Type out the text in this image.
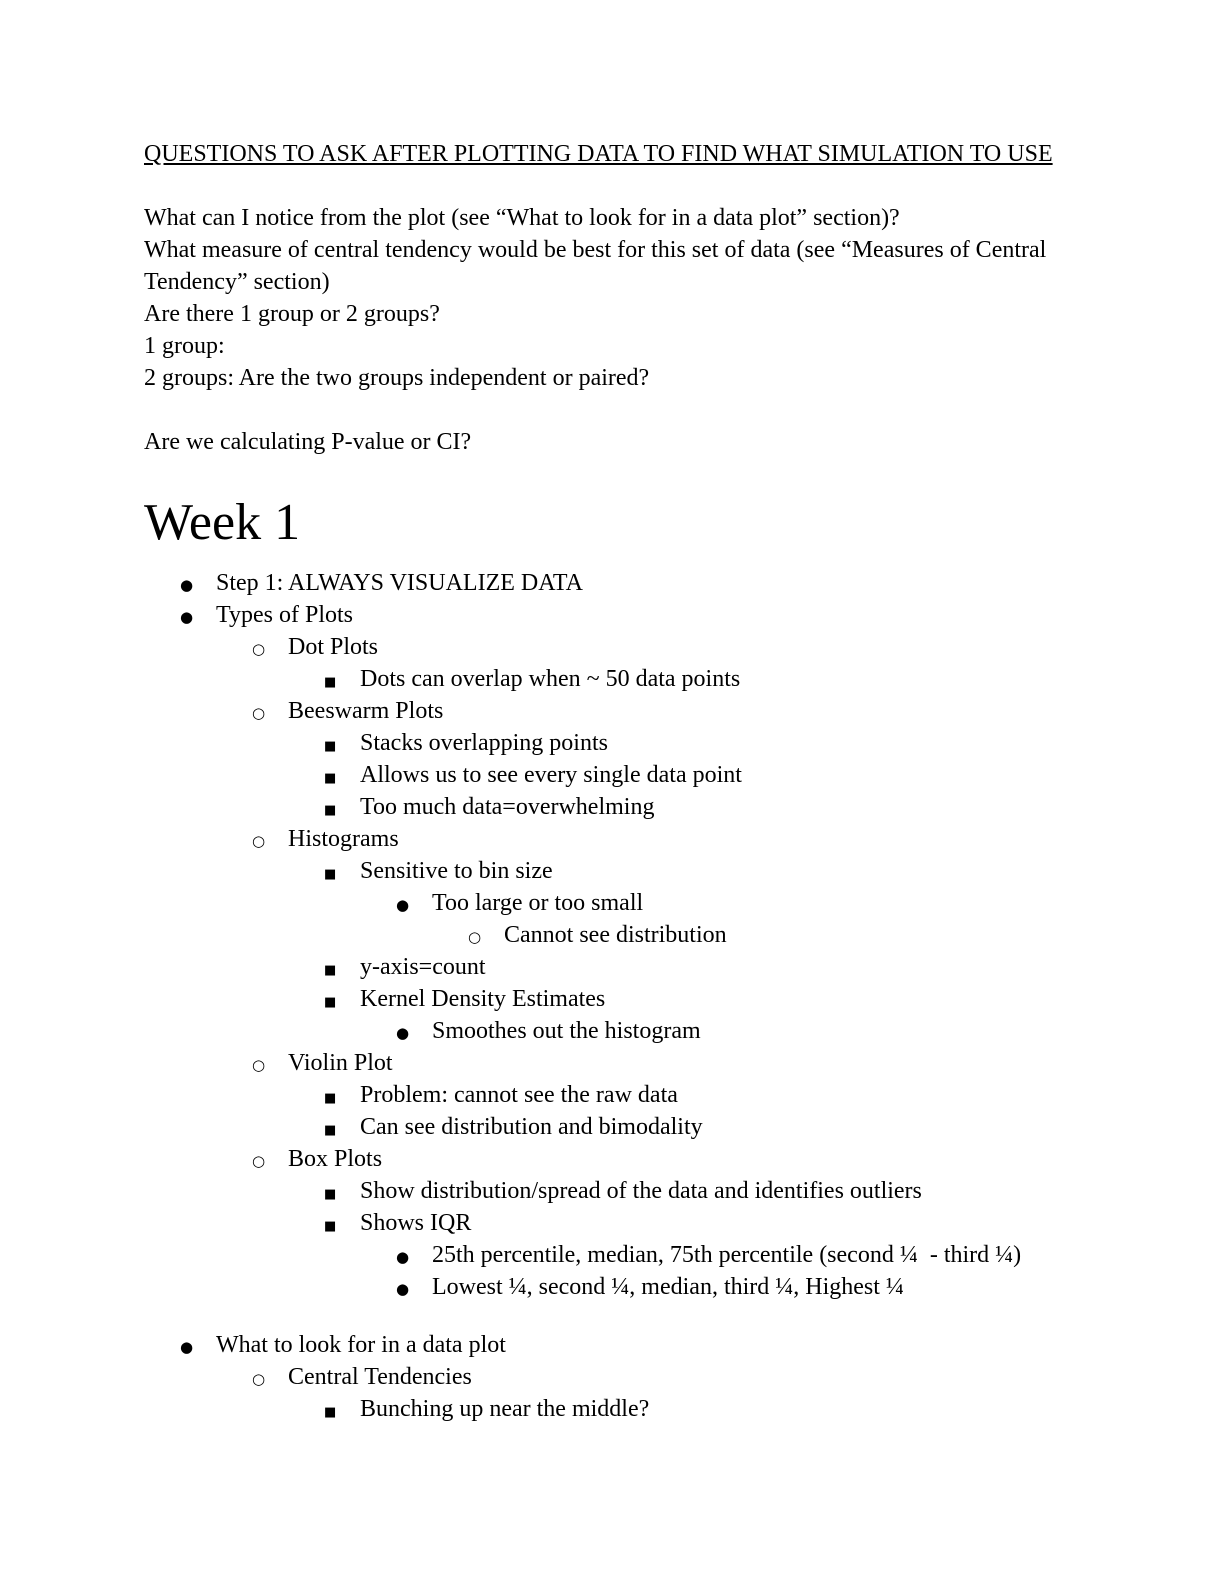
QUESTIONS TO ASK AFTER PLOTTING DATA TO FIND WHAT SIMULATION TO USE
What can I notice from the plot (see “What to look for in a data plot” section)?
What measure of central tendency would be best for this set of data (see “Measures of Central
Tendency” section)
Are there 1 group or 2 groups?
1 group:
2 groups: Are the two groups independent or paired?
Are we calculating P-value or CI?
Week 1
● Step 1: ALWAYS VISUALIZE DATA
● Types of Plots
○ Dot Plots
■ Dots can overlap when ~ 50 data points
○ Beeswarm Plots
■ Stacks overlapping points
■ Allows us to see every single data point
■ Too much data=overwhelming
○ Histograms
■ Sensitive to bin size
● Too large or too small
○ Cannot see distribution
■ y-axis=count
■ Kernel Density Estimates
● Smoothes out the histogram
○ Violin Plot
■ Problem: cannot see the raw data
■ Can see distribution and bimodality
○ Box Plots
■ Show distribution/spread of the data and identifies outliers
■ Shows IQR
● 25th percentile, median, 75th percentile (second ¼  - third ¼)
● Lowest ¼, second ¼, median, third ¼, Highest ¼
● What to look for in a data plot
○ Central Tendencies
■ Bunching up near the middle?
